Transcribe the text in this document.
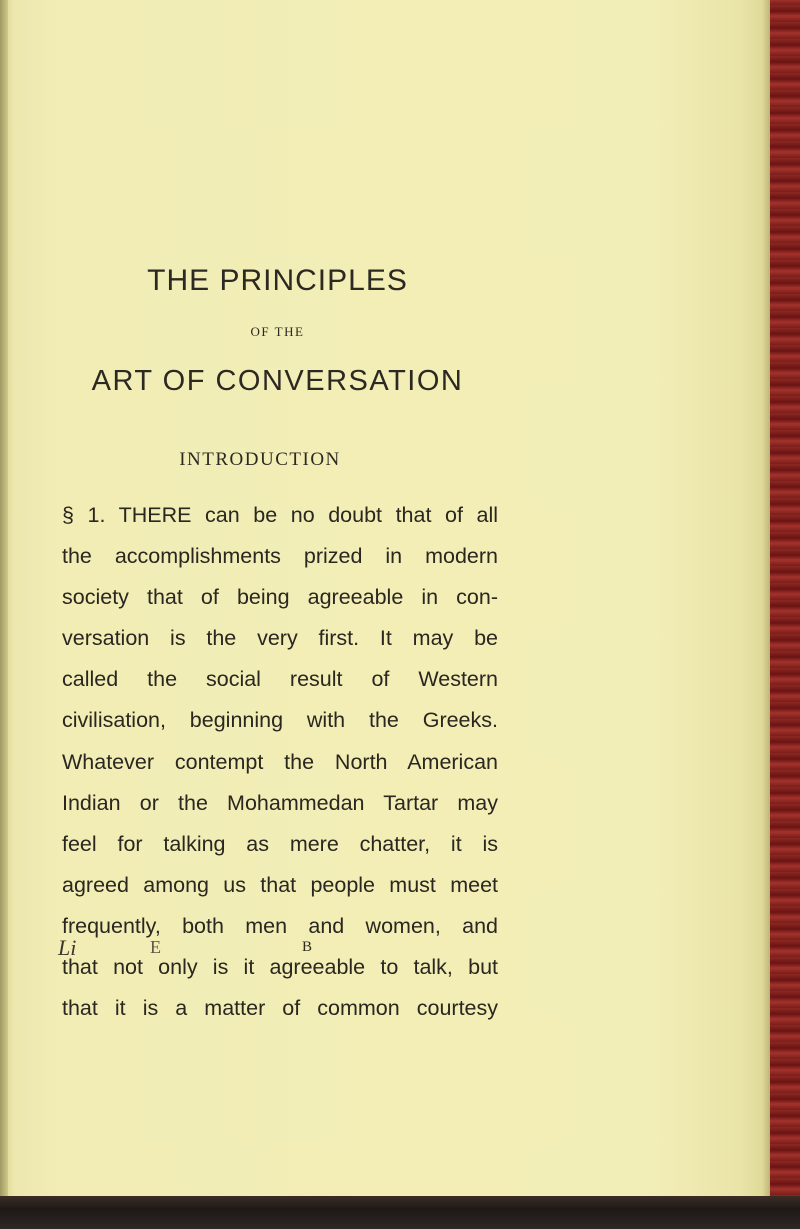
THE PRINCIPLES
OF THE
ART OF CONVERSATION
INTRODUCTION
§ 1. THERE can be no doubt that of all
the accomplishments prized in modern
society that of being agreeable in con-
versation is the very first. It may be
called the social result of Western
civilisation, beginning with the Greeks.
Whatever contempt the North American
Indian or the Mohammedan Tartar may
feel for talking as mere chatter, it is
agreed among us that people must meet
frequently, both men and women, and
that not only is it agreeable to talk, but
that it is a matter of common courtesy
Li	E	B
